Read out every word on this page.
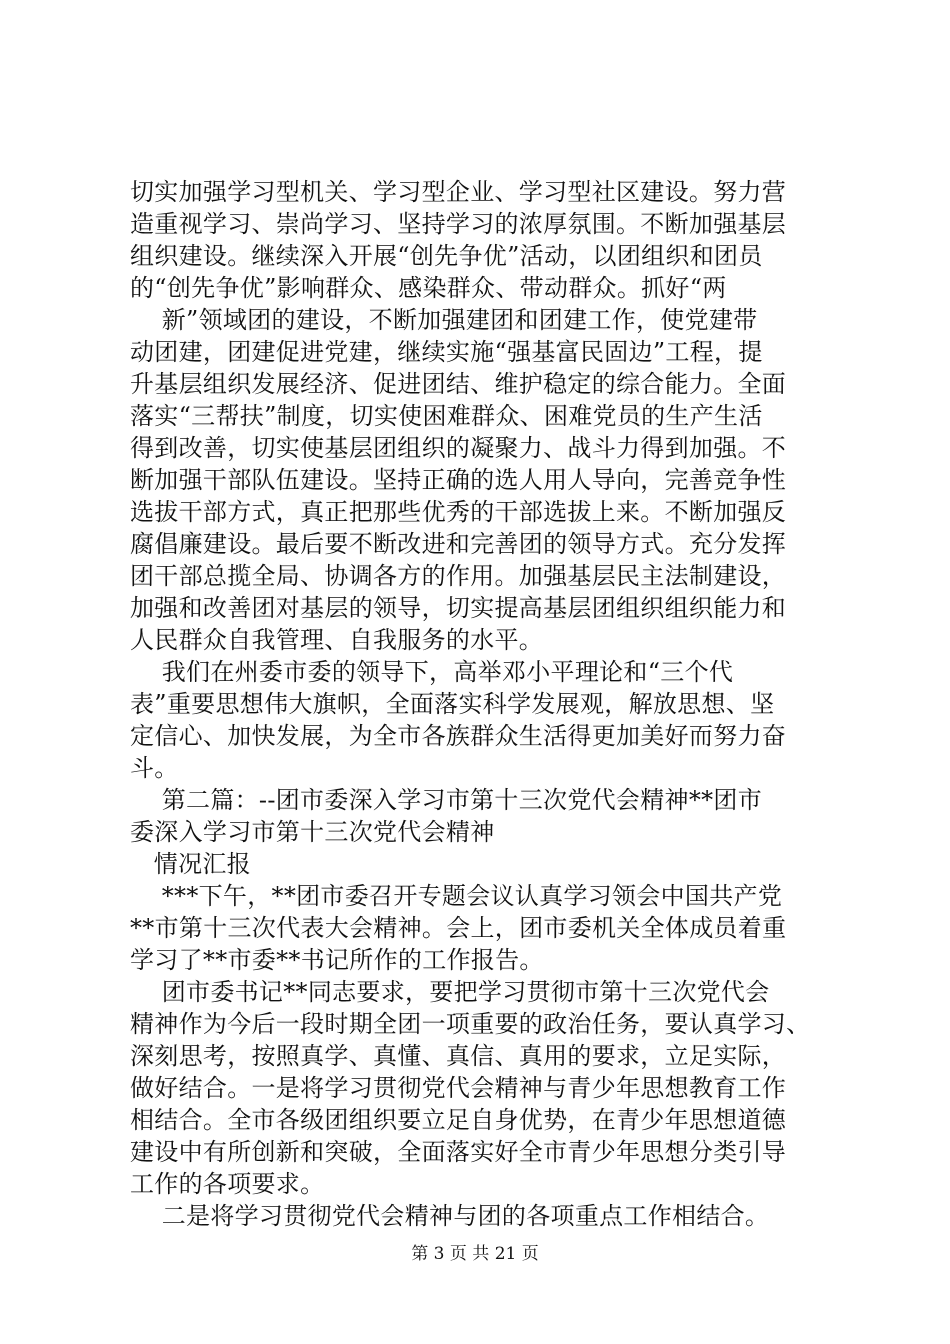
切实加强学习型机关、学习型企业、学习型社区建设。努力营
造重视学习、崇尚学习、坚持学习的浓厚氛围。不断加强基层
组织建设。继续深入开展“创先争优”活动，以团组织和团员
的“创先争优”影响群众、感染群众、带动群众。抓好“两
新”领域团的建设，不断加强建团和团建工作，使党建带
动团建，团建促进党建，继续实施“强基富民固边”工程，提
升基层组织发展经济、促进团结、维护稳定的综合能力。全面
落实“三帮扶”制度，切实使困难群众、困难党员的生产生活
得到改善，切实使基层团组织的凝聚力、战斗力得到加强。不
断加强干部队伍建设。坚持正确的选人用人导向，完善竞争性
选拔干部方式，真正把那些优秀的干部选拔上来。不断加强反
腐倡廉建设。最后要不断改进和完善团的领导方式。充分发挥
团干部总揽全局、协调各方的作用。加强基层民主法制建设，
加强和改善团对基层的领导，切实提高基层团组织组织能力和
人民群众自我管理、自我服务的水平。
我们在州委市委的领导下，高举邓小平理论和“三个代
表”重要思想伟大旗帜，全面落实科学发展观，解放思想、坚
定信心、加快发展，为全市各族群众生活得更加美好而努力奋
斗。
第二篇：--团市委深入学习市第十三次党代会精神**团市
委深入学习市第十三次党代会精神
情况汇报
***下午，**团市委召开专题会议认真学习领会中国共产党
**市第十三次代表大会精神。会上，团市委机关全体成员着重
学习了**市委**书记所作的工作报告。
团市委书记**同志要求，要把学习贯彻市第十三次党代会
精神作为今后一段时期全团一项重要的政治任务，要认真学习、
深刻思考，按照真学、真懂、真信、真用的要求，立足实际，
做好结合。一是将学习贯彻党代会精神与青少年思想教育工作
相结合。全市各级团组织要立足自身优势，在青少年思想道德
建设中有所创新和突破，全面落实好全市青少年思想分类引导
工作的各项要求。
二是将学习贯彻党代会精神与团的各项重点工作相结合。
第 3 页 共 21 页
